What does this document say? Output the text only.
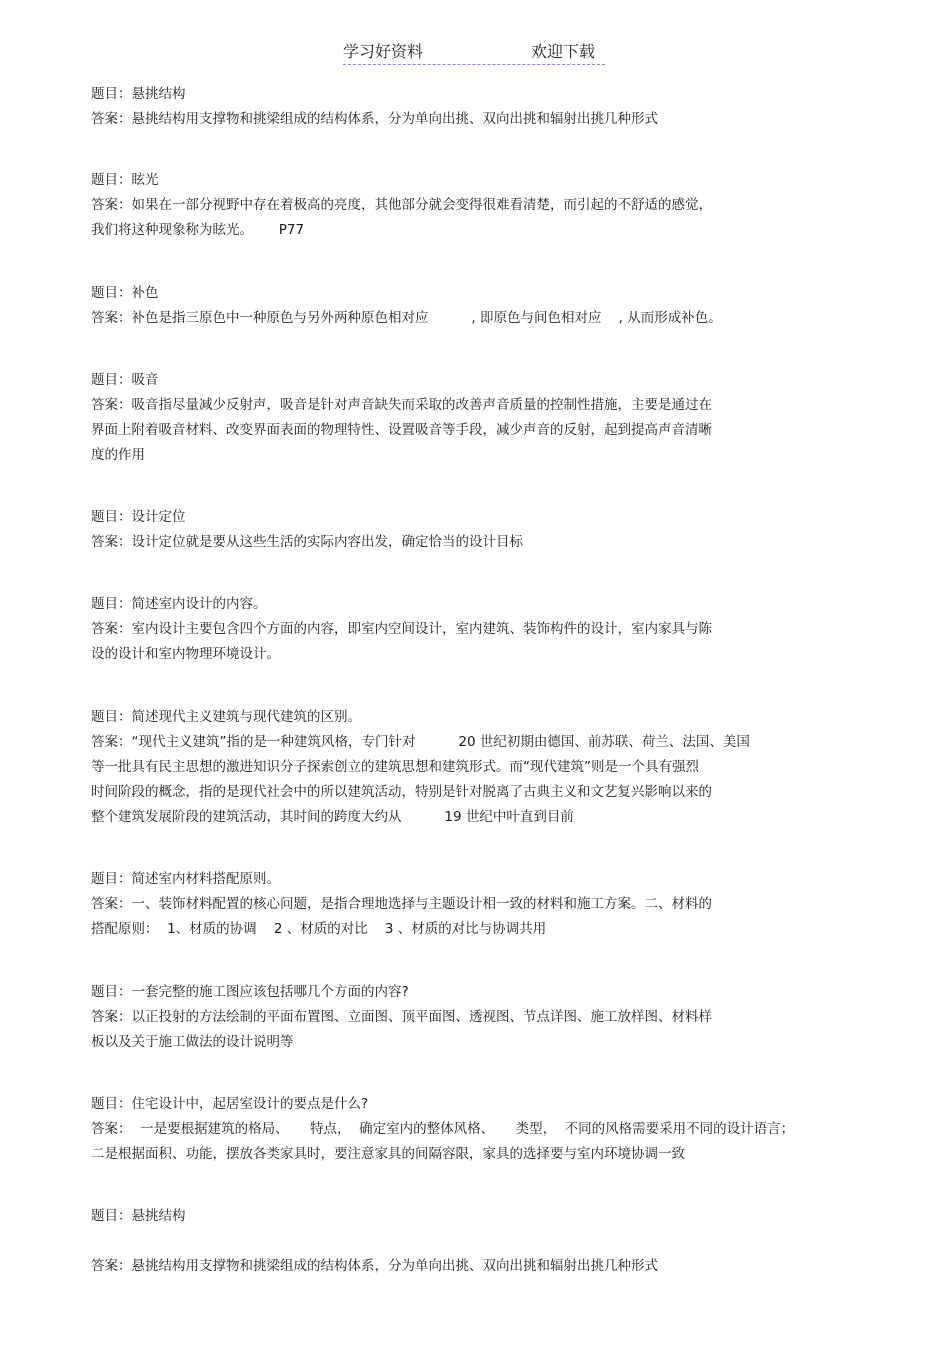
学习好资料	欢迎下载
题目：悬挑结构
答案：悬挑结构用支撑物和挑梁组成的结构体系，分为单向出挑、双向出挑和辐射出挑几种形式
题目：眩光
答案：如果在一部分视野中存在着极高的亮度，其他部分就会变得很难看清楚，而引起的不舒适的感觉，
我们将这种现象称为眩光。      P77
题目：补色
答案：补色是指三原色中一种原色与另外两种原色相对应          , 即原色与间色相对应    , 从而形成补色。
题目：吸音
答案：吸音指尽量减少反射声，吸音是针对声音缺失而采取的改善声音质量的控制性措施，主要是通过在
界面上附着吸音材料、改变界面表面的物理特性、设置吸音等手段，减少声音的反射，起到提高声音清晰
度的作用
题目：设计定位
答案：设计定位就是要从这些生活的实际内容出发，确定恰当的设计目标
题目：简述室内设计的内容。
答案：室内设计主要包含四个方面的内容，即室内空间设计，室内建筑、装饰构件的设计，室内家具与陈
设的设计和室内物理环境设计。
题目：简述现代主义建筑与现代建筑的区别。
答案：“现代主义建筑”指的是一种建筑风格，专门针对          20 世纪初期由德国、前苏联、荷兰、法国、美国
等一批具有民主思想的激进知识分子探索创立的建筑思想和建筑形式。而“现代建筑”则是一个具有强烈
时间阶段的概念，指的是现代社会中的所以建筑活动，特别是针对脱离了古典主义和文艺复兴影响以来的
整个建筑发展阶段的建筑活动，其时间的跨度大约从          19 世纪中叶直到目前
题目：简述室内材料搭配原则。
答案：一、装饰材料配置的核心问题，是指合理地选择与主题设计相一致的材料和施工方案。二、材料的
搭配原则：  1、材质的协调    2 、材质的对比    3 、材质的对比与协调共用
题目：一套完整的施工图应该包括哪几个方面的内容?
答案：以正投射的方法绘制的平面布置图、立面图、顶平面图、透视图、节点详图、施工放样图、材料样
板以及关于施工做法的设计说明等
题目：住宅设计中，起居室设计的要点是什么?
答案：  一是要根据建筑的格局、     特点，  确定室内的整体风格、     类型，  不同的风格需要采用不同的设计语言；
二是根据面积、功能，摆放各类家具时，要注意家具的间隔容限，家具的选择要与室内环境协调一致
题目：悬挑结构
答案：悬挑结构用支撑物和挑梁组成的结构体系，分为单向出挑、双向出挑和辐射出挑几种形式
